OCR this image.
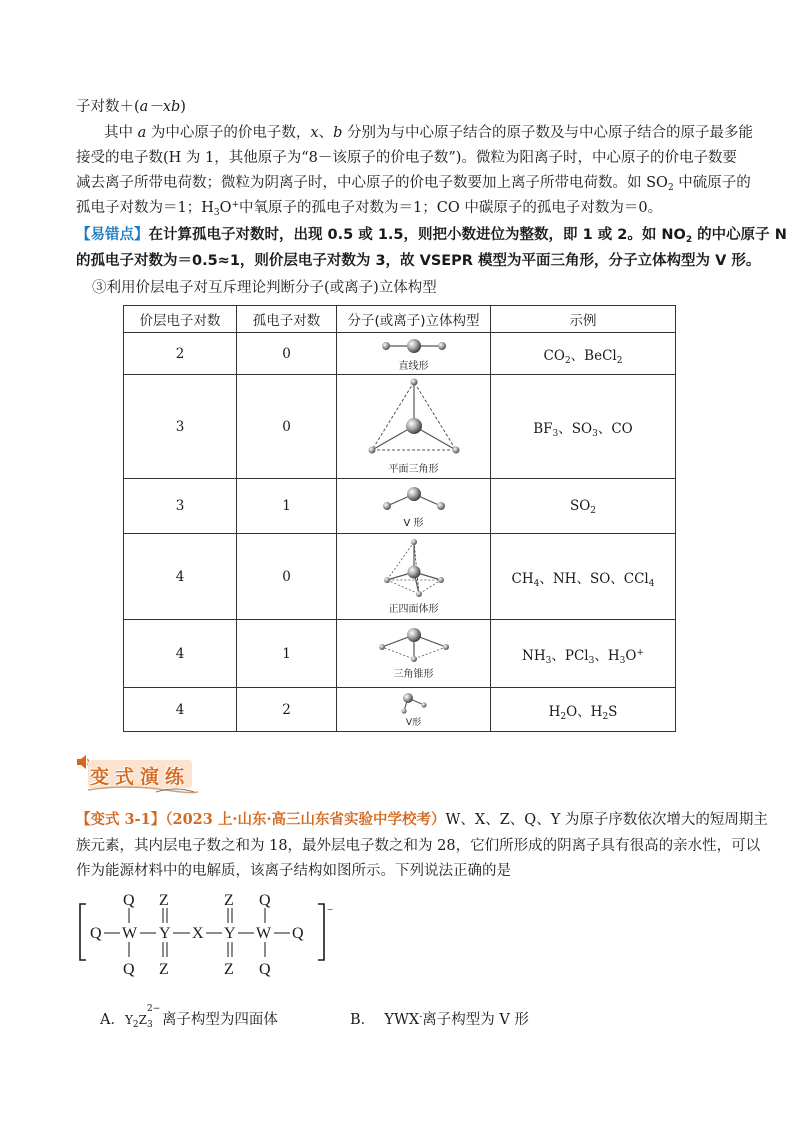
子对数＋(a－xb)
其中 a 为中心原子的价电子数，x、b 分别为与中心原子结合的原子数及与中心原子结合的原子最多能
接受的电子数(H 为 1，其他原子为“8－该原子的价电子数”)。微粒为阳离子时，中心原子的价电子数要
减去离子所带电荷数；微粒为阴离子时，中心原子的价电子数要加上离子所带电荷数。如 $SO_2$ 中硫原子的
孤电子对数为＝1；$H_3O^+$中氧原子的孤电子对数为＝1；CO 中碳原子的孤电子对数为＝0。
【易错点】在计算孤电子对数时，出现 0.5 或 1.5，则把小数进位为整数，即 1 或 2。如 $NO_2$ 的中心原子 N
的孤电子对数为＝0.5≈1，则价层电子对数为 3，故 VSEPR 模型为平面三角形，分子立体构型为 V 形。
③利用价层电子对互斥理论判断分子(或离子)立体构型
价层电子对数	孤电子对数	分子(或离子)立体构型	示例
2	0	直线形	$CO_2$、BeCl$_2$
3	0	平面三角形	$BF_3$、$SO_3$、CO
3	1	V 形	$SO_2$
4	0	正四面体形	$CH_4$、NH、SO、CCl$_4$
4	1	三角锥形	$NH_3$、PCl$_3$、$H_3O^+$
4	2	V形	$H_2O$、$H_2S$
变式演练
【变式 3-1】（2023 上·山东·高三山东省实验中学校考）W、X、Z、Q、Y 为原子序数依次增大的短周期主
族元素，其内层电子数之和为 18，最外层电子数之和为 28，它们所形成的阴离子具有很高的亲水性，可以
作为能源材料中的电解质，该离子结构如图所示。下列说法正确的是
−
Q W Y X Y W Q
Q
Q
Z
Z
Z
Z
Q
Q
A．$Y_2Z$
2−
$_3$ 离子构型为四面体	B． YWX-离子构型为 V 形
